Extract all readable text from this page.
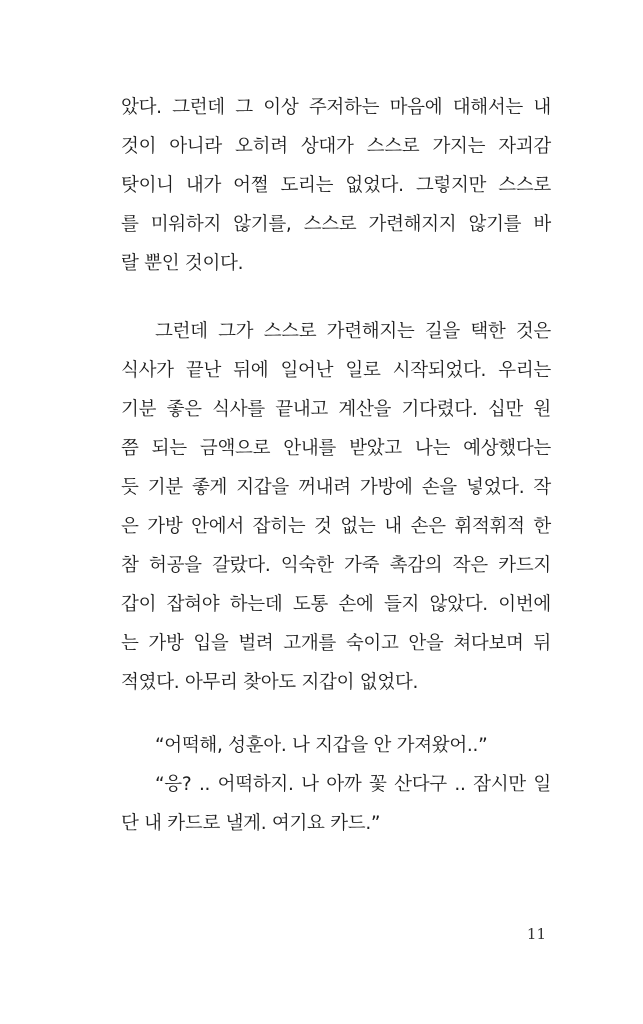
았다. 그런데 그 이상 주저하는 마음에 대해서는 내
것이 아니라 오히려 상대가 스스로 가지는 자괴감
탓이니 내가 어쩔 도리는 없었다. 그렇지만 스스로
를 미워하지 않기를, 스스로 가련해지지 않기를 바
랄 뿐인 것이다.
그런데 그가 스스로 가련해지는 길을 택한 것은
식사가 끝난 뒤에 일어난 일로 시작되었다. 우리는
기분 좋은 식사를 끝내고 계산을 기다렸다. 십만 원
쯤 되는 금액으로 안내를 받았고 나는 예상했다는
듯 기분 좋게 지갑을 꺼내려 가방에 손을 넣었다. 작
은 가방 안에서 잡히는 것 없는 내 손은 휘적휘적 한
참 허공을 갈랐다. 익숙한 가죽 촉감의 작은 카드지
갑이 잡혀야 하는데 도통 손에 들지 않았다. 이번에
는 가방 입을 벌려 고개를 숙이고 안을 쳐다보며 뒤
적였다. 아무리 찾아도 지갑이 없었다.
“어떡해, 성훈아. 나 지갑을 안 가져왔어..”
“응? .. 어떡하지. 나 아까 꽃 산다구 .. 잠시만 일
단 내 카드로 낼게. 여기요 카드.”
11
